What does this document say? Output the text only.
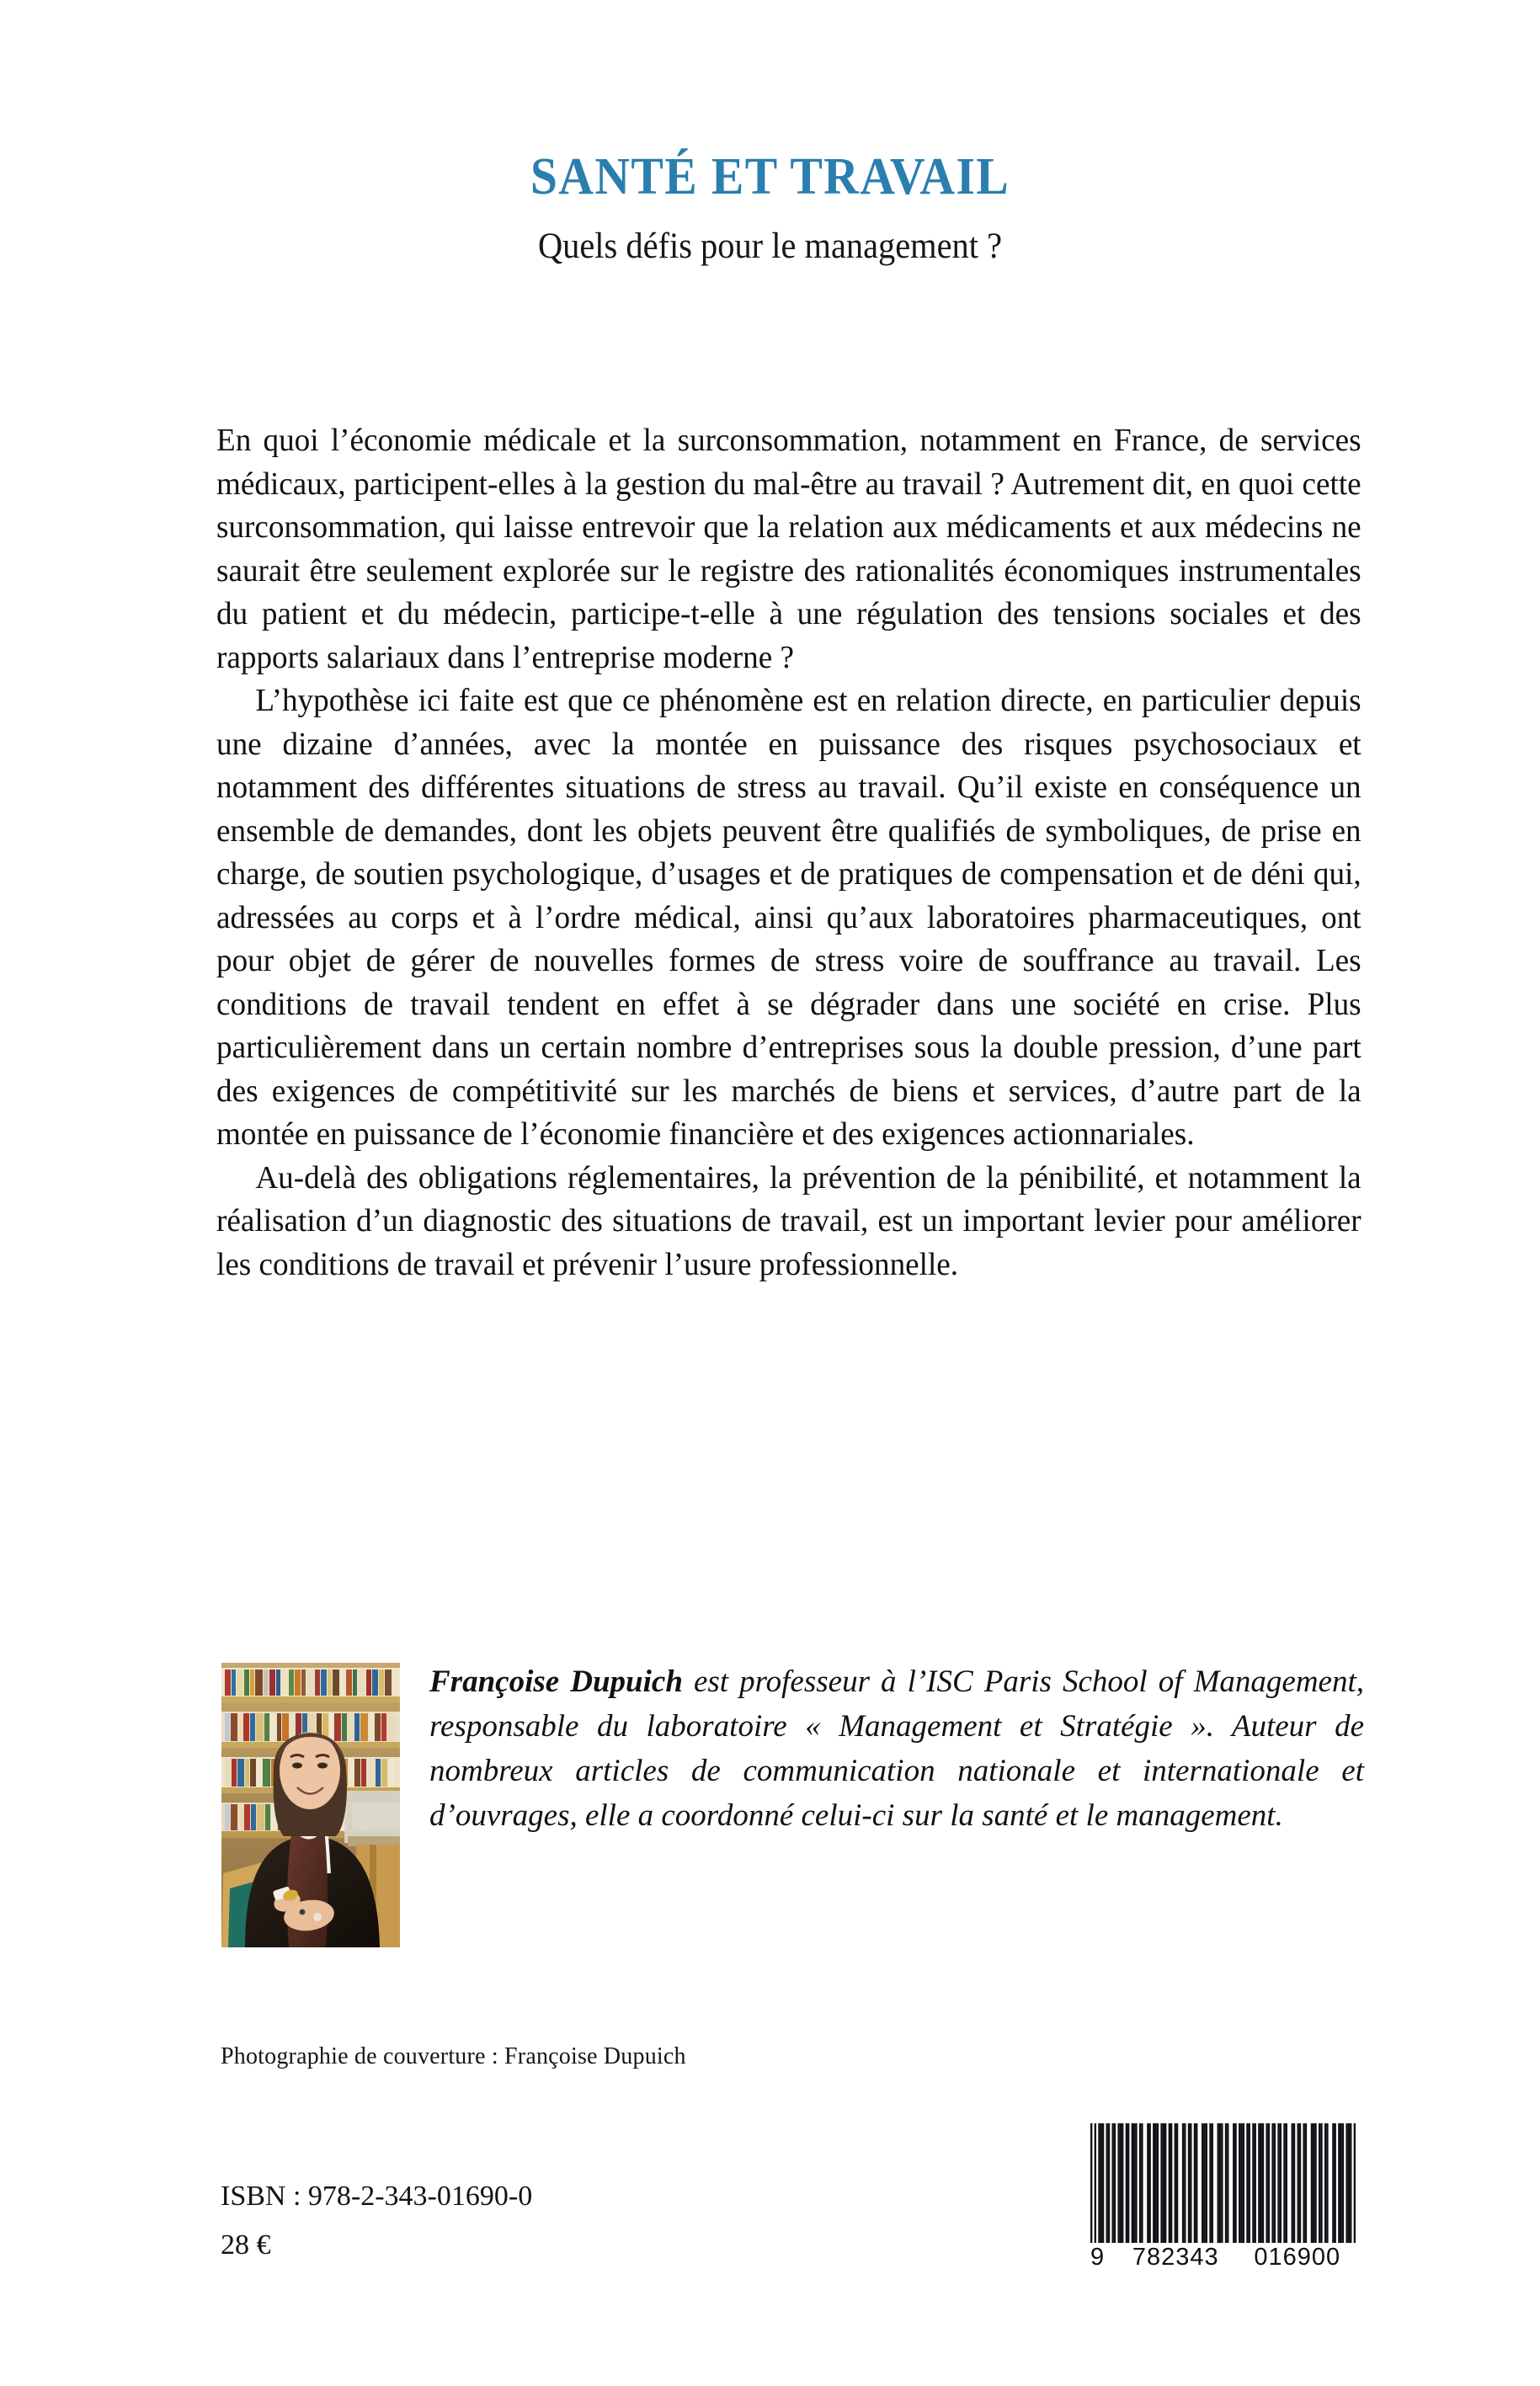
SANTÉ ET TRAVAIL
Quels défis pour le management ?

En quoi l’économie médicale et la surconsommation, notamment en France, de services médicaux, participent-elles à la gestion du mal-être au travail ? Autrement dit, en quoi cette surconsommation, qui laisse entrevoir que la relation aux médicaments et aux médecins ne saurait être seulement explorée sur le registre des rationalités économiques instrumentales du patient et du médecin, participe-t-elle à une régulation des tensions sociales et des rapports salariaux dans l’entreprise moderne ?

L’hypothèse ici faite est que ce phénomène est en relation directe, en particulier depuis une dizaine d’années, avec la montée en puissance des risques psychosociaux et notamment des différentes situations de stress au travail. Qu’il existe en conséquence un ensemble de demandes, dont les objets peuvent être qualifiés de symboliques, de prise en charge, de soutien psychologique, d’usages et de pratiques de compensation et de déni qui, adressées au corps et à l’ordre médical, ainsi qu’aux laboratoires pharmaceutiques, ont pour objet de gérer de nouvelles formes de stress voire de souffrance au travail. Les conditions de travail tendent en effet à se dégrader dans une société en crise. Plus particulièrement dans un certain nombre d’entreprises sous la double pression, d’une part des exigences de compétitivité sur les marchés de biens et services, d’autre part de la montée en puissance de l’économie financière et des exigences actionnariales.

Au-delà des obligations réglementaires, la prévention de la pénibilité, et notamment la réalisation d’un diagnostic des situations de travail, est un important levier pour améliorer les conditions de travail et prévenir l’usure professionnelle.

Françoise Dupuich est professeur à l’ISC Paris School of Management, responsable du laboratoire « Management et Stratégie ». Auteur de nombreux articles de communication nationale et internationale et d’ouvrages, elle a coordonné celui-ci sur la santé et le management.
Photographie de couverture : Françoise Dupuich
ISBN : 978-2-343-01690-0
28 €	9	782343	016900
